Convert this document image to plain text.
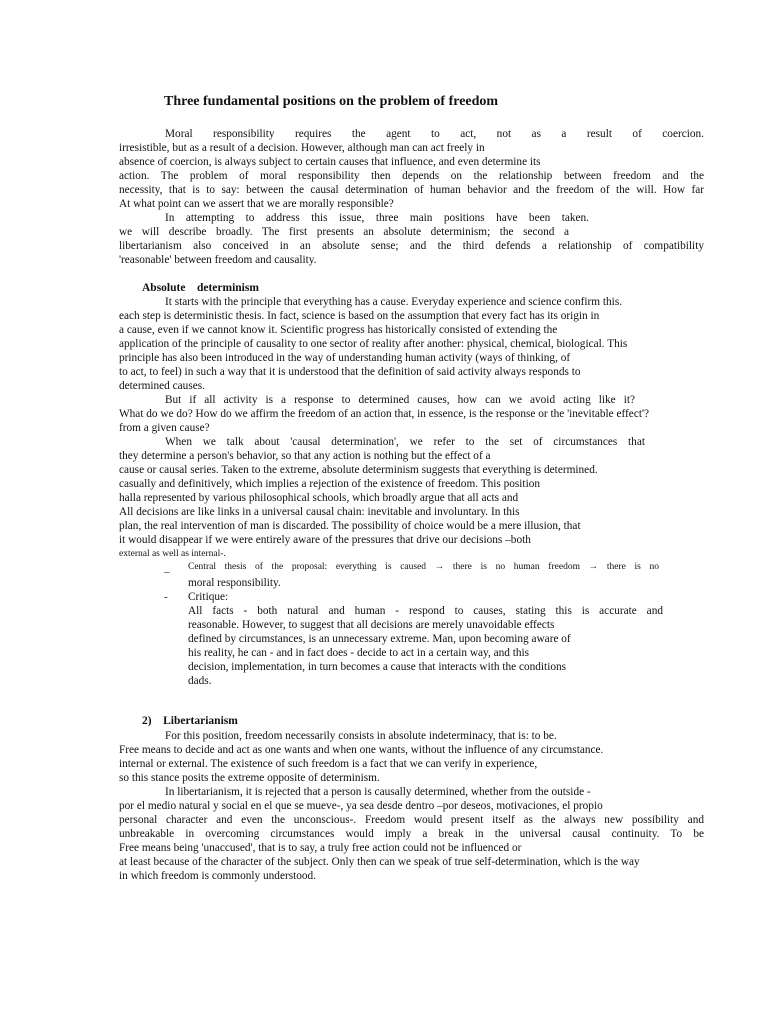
Three fundamental positions on the problem of freedom
Moral responsibility requires the agent to act, not as a result of coercion.
irresistible, but as a result of a decision. However, although man can act freely in
absence of coercion, is always subject to certain causes that influence, and even determine its
action. The problem of moral responsibility then depends on the relationship between freedom and the
necessity, that is to say: between the causal determination of human behavior and the freedom of the will. How far
At what point can we assert that we are morally responsible?
In attempting to address this issue, three main positions have been taken.
we will describe broadly. The first presents an absolute determinism; the second a
libertarianism also conceived in an absolute sense; and the third defends a relationship of compatibility
'reasonable' between freedom and causality.
Absolute    determinism
It starts with the principle that everything has a cause. Everyday experience and science confirm this.
each step is deterministic thesis. In fact, science is based on the assumption that every fact has its origin in
a cause, even if we cannot know it. Scientific progress has historically consisted of extending the
application of the principle of causality to one sector of reality after another: physical, chemical, biological. This
principle has also been introduced in the way of understanding human activity (ways of thinking, of
to act, to feel) in such a way that it is understood that the definition of said activity always responds to
determined causes.
But if all activity is a response to determined causes, how can we avoid acting like it?
What do we do? How do we affirm the freedom of an action that, in essence, is the response or the 'inevitable effect'?
from a given cause?
When we talk about 'causal determination', we refer to the set of circumstances that
they determine a person's behavior, so that any action is nothing but the effect of a
cause or causal series. Taken to the extreme, absolute determinism suggests that everything is determined.
casually and definitively, which implies a rejection of the existence of freedom. This position
halla represented by various philosophical schools, which broadly argue that all acts and
All decisions are like links in a universal causal chain: inevitable and involuntary. In this
plan, the real intervention of man is discarded. The possibility of choice would be a mere illusion, that
it would disappear if we were entirely aware of the pressures that drive our decisions –both
external as well as internal-.
_ Central thesis of the proposal: everything is caused → there is no human freedom → there is no
moral responsibility.
- Critique:
All facts - both natural and human - respond to causes, stating this is accurate and
reasonable. However, to suggest that all decisions are merely unavoidable effects
defined by circumstances, is an unnecessary extreme. Man, upon becoming aware of
his reality, he can - and in fact does - decide to act in a certain way, and this
decision, implementation, in turn becomes a cause that interacts with the conditions
dads.
2)    Libertarianism
For this position, freedom necessarily consists in absolute indeterminacy, that is: to be.
Free means to decide and act as one wants and when one wants, without the influence of any circumstance.
internal or external. The existence of such freedom is a fact that we can verify in experience,
so this stance posits the extreme opposite of determinism.
In libertarianism, it is rejected that a person is causally determined, whether from the outside -
por el medio natural y social en el que se mueve-, ya sea desde dentro –por deseos, motivaciones, el propio
personal character and even the unconscious-. Freedom would present itself as the always new possibility and
unbreakable in overcoming circumstances would imply a break in the universal causal continuity. To be
Free means being 'unaccused', that is to say, a truly free action could not be influenced or
at least because of the character of the subject. Only then can we speak of true self-determination, which is the way
in which freedom is commonly understood.
